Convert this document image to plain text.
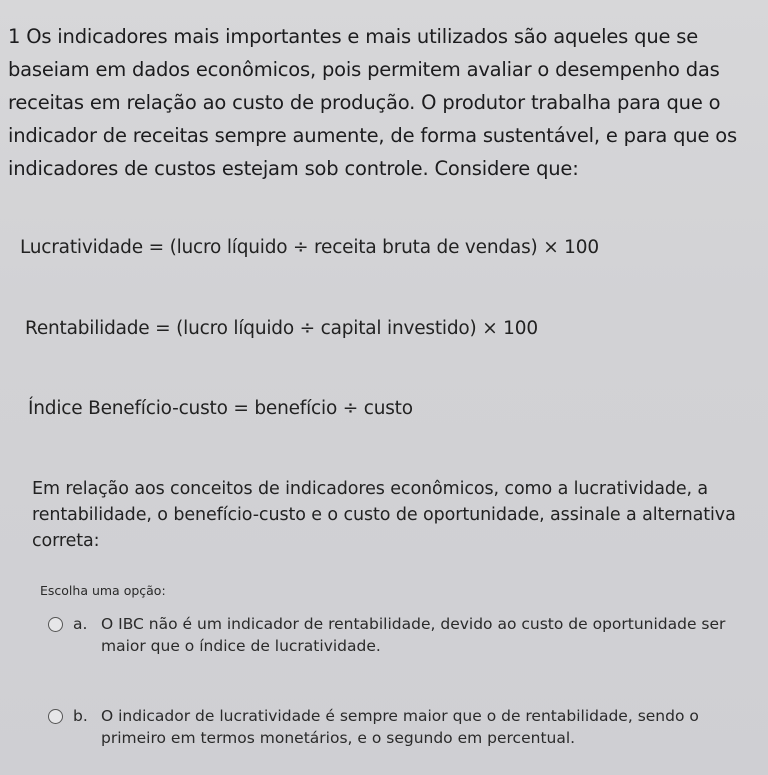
1 Os indicadores mais importantes e mais utilizados são aqueles que se baseiam em dados econômicos, pois permitem avaliar o desempenho das receitas em relação ao custo de produção. O produtor trabalha para que o indicador de receitas sempre aumente, de forma sustentável, e para que os indicadores de custos estejam sob controle. Considere que:

Lucratividade = (lucro líquido ÷ receita bruta de vendas) × 100
Rentabilidade = (lucro líquido ÷ capital investido) × 100
Índice Benefício-custo = benefício ÷ custo

Em relação aos conceitos de indicadores econômicos, como a lucratividade, a rentabilidade, o benefício-custo e o custo de oportunidade, assinale a alternativa correta:

Escolha uma opção:
a. O IBC não é um indicador de rentabilidade, devido ao custo de oportunidade ser maior que o índice de lucratividade.
b. O indicador de lucratividade é sempre maior que o de rentabilidade, sendo o primeiro em termos monetários, e o segundo em percentual.
